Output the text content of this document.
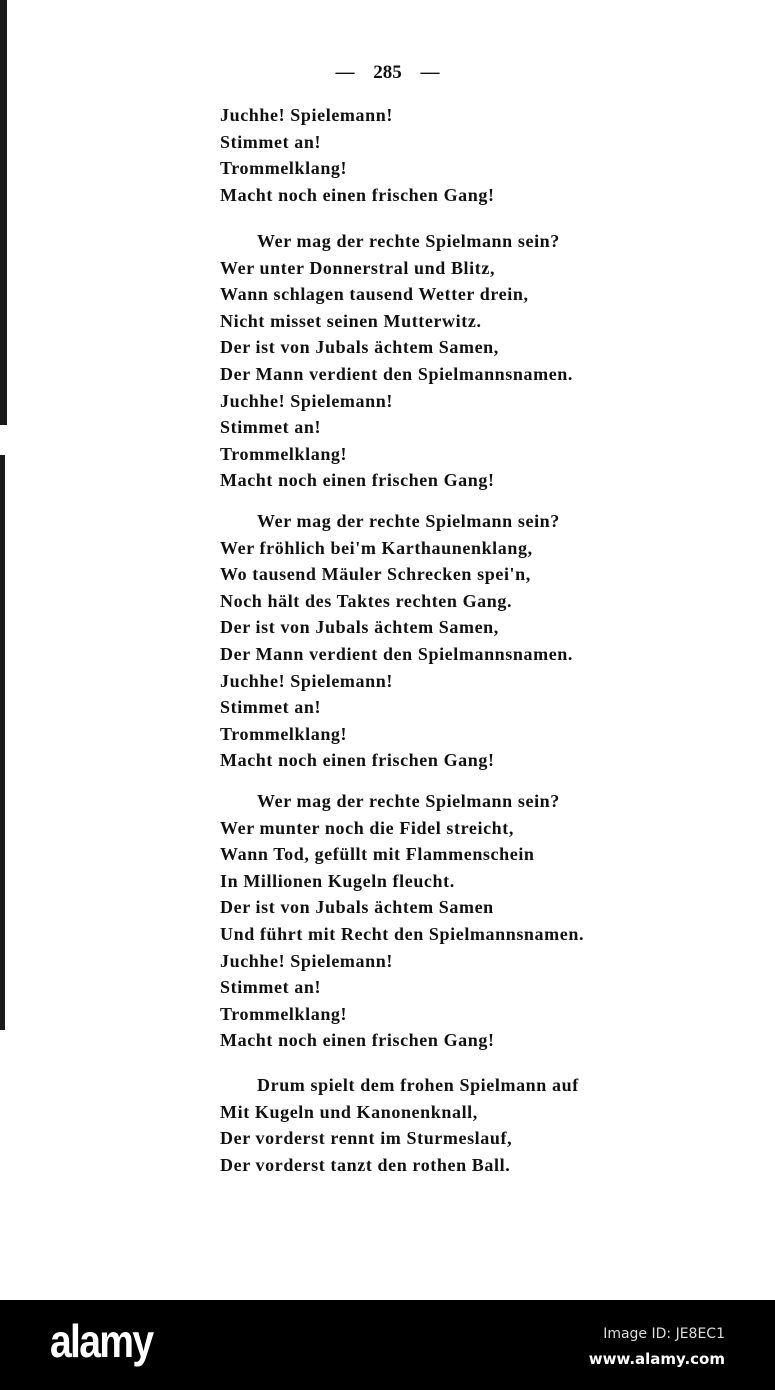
— 285 —
Juchhe! Spielemann!
Stimmet an!
Trommelklang!
Macht noch einen frischen Gang!
Wer mag der rechte Spielmann sein?
Wer unter Donnerstral und Blitz,
Wann schlagen tausend Wetter drein,
Nicht misset seinen Mutterwitz.
Der ist von Jubals ächtem Samen,
Der Mann verdient den Spielmannsnamen.
Juchhe! Spielemann!
Stimmet an!
Trommelklang!
Macht noch einen frischen Gang!
Wer mag der rechte Spielmann sein?
Wer fröhlich bei'm Karthaunenklang,
Wo tausend Mäuler Schrecken spei'n,
Noch hält des Taktes rechten Gang.
Der ist von Jubals ächtem Samen,
Der Mann verdient den Spielmannsnamen.
Juchhe! Spielemann!
Stimmet an!
Trommelklang!
Macht noch einen frischen Gang!
Wer mag der rechte Spielmann sein?
Wer munter noch die Fidel streicht,
Wann Tod, gefüllt mit Flammenschein
In Millionen Kugeln fleucht.
Der ist von Jubals ächtem Samen
Und führt mit Recht den Spielmannsnamen.
Juchhe! Spielemann!
Stimmet an!
Trommelklang!
Macht noch einen frischen Gang!
Drum spielt dem frohen Spielmann auf
Mit Kugeln und Kanonenknall,
Der vorderst rennt im Sturmeslauf,
Der vorderst tanzt den rothen Ball.
alamy	Image ID: JE8EC1
www.alamy.com
